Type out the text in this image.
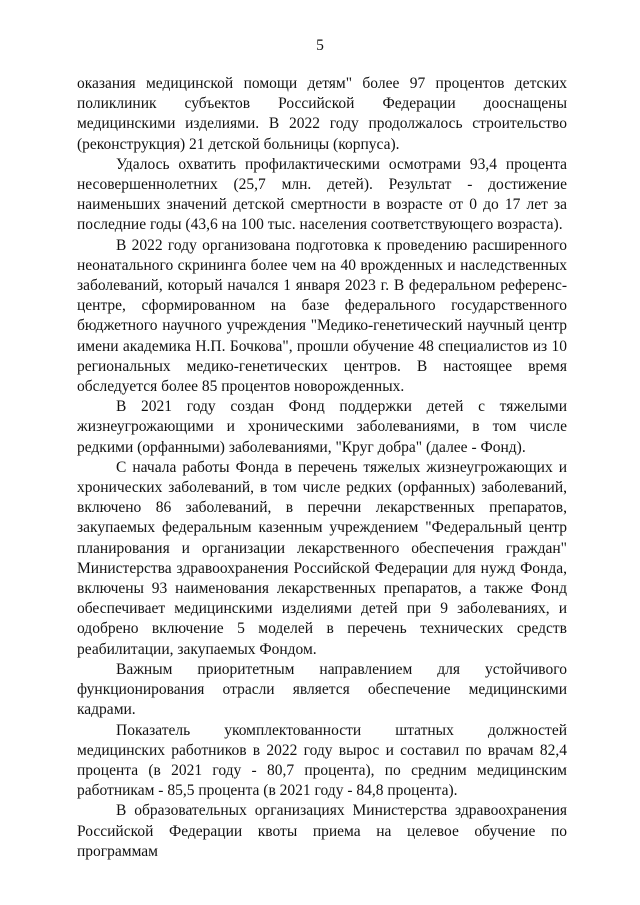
5

оказания медицинской помощи детям" более 97 процентов детских поликлиник субъектов Российской Федерации дооснащены медицинскими изделиями. В 2022 году продолжалось строительство (реконструкция) 21 детской больницы (корпуса).

Удалось охватить профилактическими осмотрами 93,4 процента несовершеннолетних (25,7 млн. детей). Результат - достижение наименьших значений детской смертности в возрасте от 0 до 17 лет за последние годы (43,6 на 100 тыс. населения соответствующего возраста).

В 2022 году организована подготовка к проведению расширенного неонатального скрининга более чем на 40 врожденных и наследственных заболеваний, который начался 1 января 2023 г. В федеральном референс-центре, сформированном на базе федерального государственного бюджетного научного учреждения "Медико-генетический научный центр имени академика Н.П. Бочкова", прошли обучение 48 специалистов из 10 региональных медико-генетических центров. В настоящее время обследуется более 85 процентов новорожденных.

В 2021 году создан Фонд поддержки детей с тяжелыми жизнеугрожающими и хроническими заболеваниями, в том числе редкими (орфанными) заболеваниями, "Круг добра" (далее - Фонд).

С начала работы Фонда в перечень тяжелых жизнеугрожающих и хронических заболеваний, в том числе редких (орфанных) заболеваний, включено 86 заболеваний, в перечни лекарственных препаратов, закупаемых федеральным казенным учреждением "Федеральный центр планирования и организации лекарственного обеспечения граждан" Министерства здравоохранения Российской Федерации для нужд Фонда, включены 93 наименования лекарственных препаратов, а также Фонд обеспечивает медицинскими изделиями детей при 9 заболеваниях, и одобрено включение 5 моделей в перечень технических средств реабилитации, закупаемых Фондом.

Важным приоритетным направлением для устойчивого функционирования отрасли является обеспечение медицинскими кадрами.

Показатель укомплектованности штатных должностей медицинских работников в 2022 году вырос и составил по врачам 82,4 процента (в 2021 году - 80,7 процента), по средним медицинским работникам - 85,5 процента (в 2021 году - 84,8 процента).

В образовательных организациях Министерства здравоохранения Российской Федерации квоты приема на целевое обучение по программам
